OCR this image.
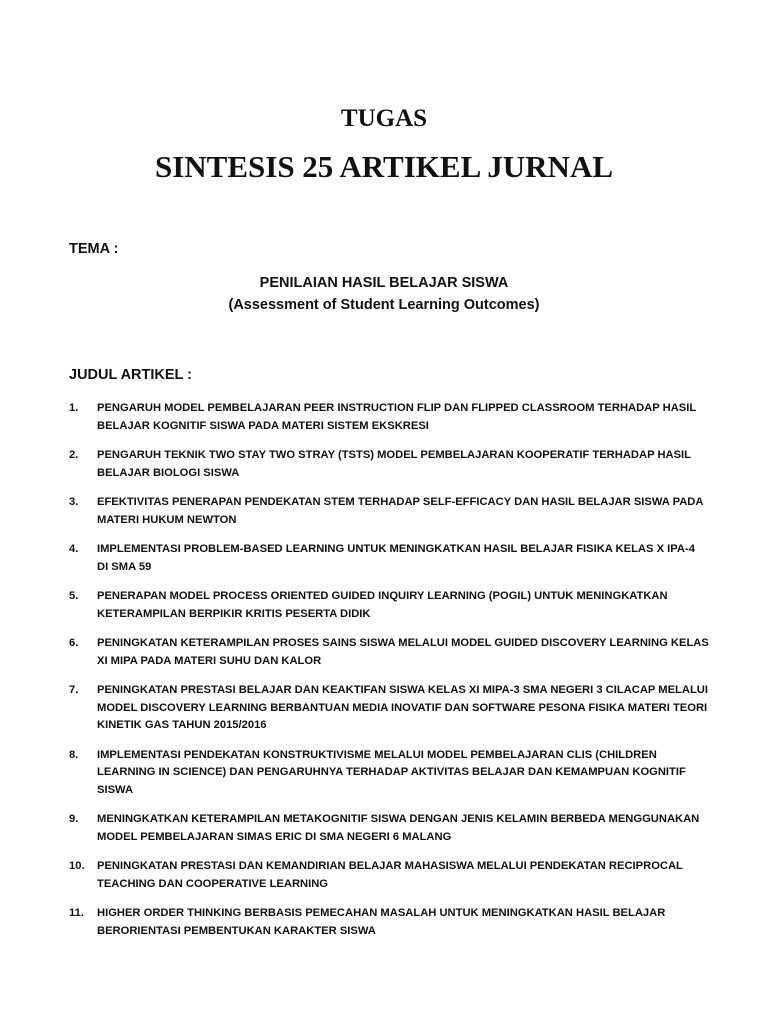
TUGAS
SINTESIS 25 ARTIKEL JURNAL
TEMA :
PENILAIAN HASIL BELAJAR SISWA
(Assessment of Student Learning Outcomes)
JUDUL ARTIKEL :
1.	PENGARUH MODEL PEMBELAJARAN PEER INSTRUCTION FLIP DAN FLIPPED CLASSROOM TERHADAP HASIL BELAJAR KOGNITIF SISWA PADA MATERI SISTEM EKSKRESI
2.	PENGARUH TEKNIK TWO STAY TWO STRAY (TSTS) MODEL PEMBELAJARAN KOOPERATIF TERHADAP HASIL BELAJAR BIOLOGI SISWA
3.	EFEKTIVITAS PENERAPAN PENDEKATAN STEM TERHADAP SELF-EFFICACY DAN HASIL BELAJAR SISWA PADA MATERI HUKUM NEWTON
4.	IMPLEMENTASI PROBLEM-BASED LEARNING UNTUK MENINGKATKAN HASIL BELAJAR FISIKA KELAS X IPA-4 DI SMA 59
5.	PENERAPAN MODEL PROCESS ORIENTED GUIDED INQUIRY LEARNING (POGIL) UNTUK MENINGKATKAN KETERAMPILAN BERPIKIR KRITIS PESERTA DIDIK
6.	PENINGKATAN KETERAMPILAN PROSES SAINS SISWA MELALUI MODEL GUIDED DISCOVERY LEARNING KELAS XI MIPA PADA MATERI SUHU DAN KALOR
7.	PENINGKATAN PRESTASI BELAJAR DAN KEAKTIFAN SISWA KELAS XI MIPA-3 SMA NEGERI 3 CILACAP MELALUI MODEL DISCOVERY LEARNING BERBANTUAN MEDIA INOVATIF DAN SOFTWARE PESONA FISIKA MATERI TEORI KINETIK GAS TAHUN 2015/2016
8.	IMPLEMENTASI PENDEKATAN KONSTRUKTIVISME MELALUI MODEL PEMBELAJARAN CLIS (CHILDREN LEARNING IN SCIENCE) DAN PENGARUHNYA TERHADAP AKTIVITAS BELAJAR DAN KEMAMPUAN KOGNITIF SISWA
9.	MENINGKATKAN KETERAMPILAN METAKOGNITIF SISWA DENGAN JENIS KELAMIN BERBEDA MENGGUNAKAN MODEL PEMBELAJARAN SIMAS ERIC DI SMA NEGERI 6 MALANG
10.	PENINGKATAN PRESTASI DAN KEMANDIRIAN BELAJAR MAHASISWA MELALUI PENDEKATAN RECIPROCAL TEACHING DAN COOPERATIVE LEARNING
11.	HIGHER ORDER THINKING BERBASIS PEMECAHAN MASALAH UNTUK MENINGKATKAN HASIL BELAJAR BERORIENTASI PEMBENTUKAN KARAKTER SISWA
